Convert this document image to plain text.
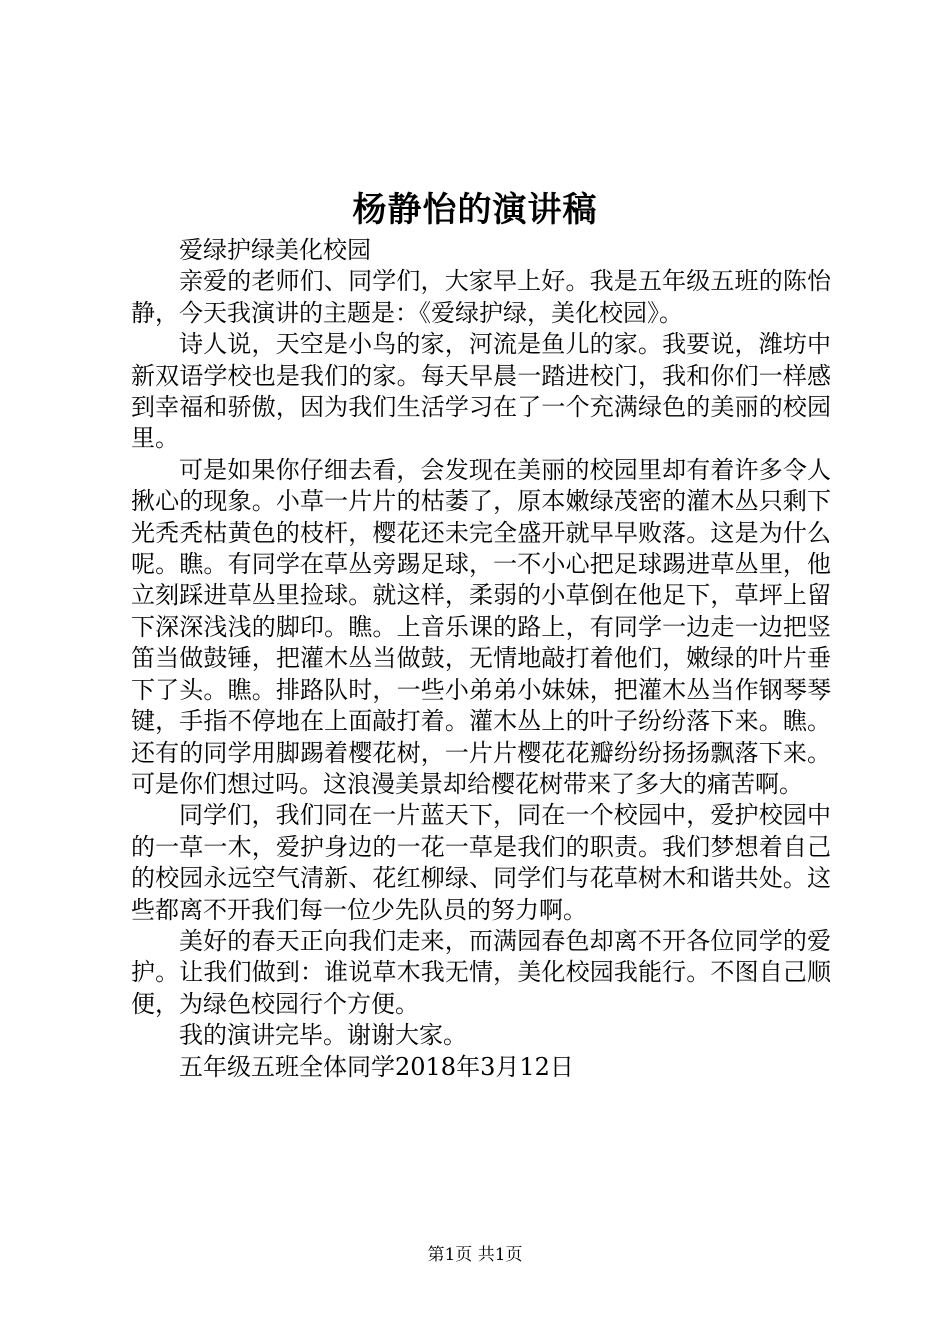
杨静怡的演讲稿

爱绿护绿美化校园

亲爱的老师们、同学们，大家早上好。我是五年级五班的陈怡静，今天我演讲的主题是：《爱绿护绿，美化校园》。

诗人说，天空是小鸟的家，河流是鱼儿的家。我要说，潍坊中新双语学校也是我们的家。每天早晨一踏进校门，我和你们一样感到幸福和骄傲，因为我们生活学习在了一个充满绿色的美丽的校园里。

可是如果你仔细去看，会发现在美丽的校园里却有着许多令人揪心的现象。小草一片片的枯萎了，原本嫩绿茂密的灌木丛只剩下光秃秃枯黄色的枝杆，樱花还未完全盛开就早早败落。这是为什么呢。瞧。有同学在草丛旁踢足球，一不小心把足球踢进草丛里，他立刻踩进草丛里捡球。就这样，柔弱的小草倒在他足下，草坪上留下深深浅浅的脚印。瞧。上音乐课的路上，有同学一边走一边把竖笛当做鼓锤，把灌木丛当做鼓，无情地敲打着他们，嫩绿的叶片垂下了头。瞧。排路队时，一些小弟弟小妹妹，把灌木丛当作钢琴琴键，手指不停地在上面敲打着。灌木丛上的叶子纷纷落下来。瞧。还有的同学用脚踢着樱花树，一片片樱花花瓣纷纷扬扬飘落下来。可是你们想过吗。这浪漫美景却给樱花树带来了多大的痛苦啊。

同学们，我们同在一片蓝天下，同在一个校园中，爱护校园中的一草一木，爱护身边的一花一草是我们的职责。我们梦想着自己的校园永远空气清新、花红柳绿、同学们与花草树木和谐共处。这些都离不开我们每一位少先队员的努力啊。

美好的春天正向我们走来，而满园春色却离不开各位同学的爱护。让我们做到：谁说草木我无情，美化校园我能行。不图自己顺便，为绿色校园行个方便。

我的演讲完毕。谢谢大家。

五年级五班全体同学2018年3月12日

第1页 共1页
